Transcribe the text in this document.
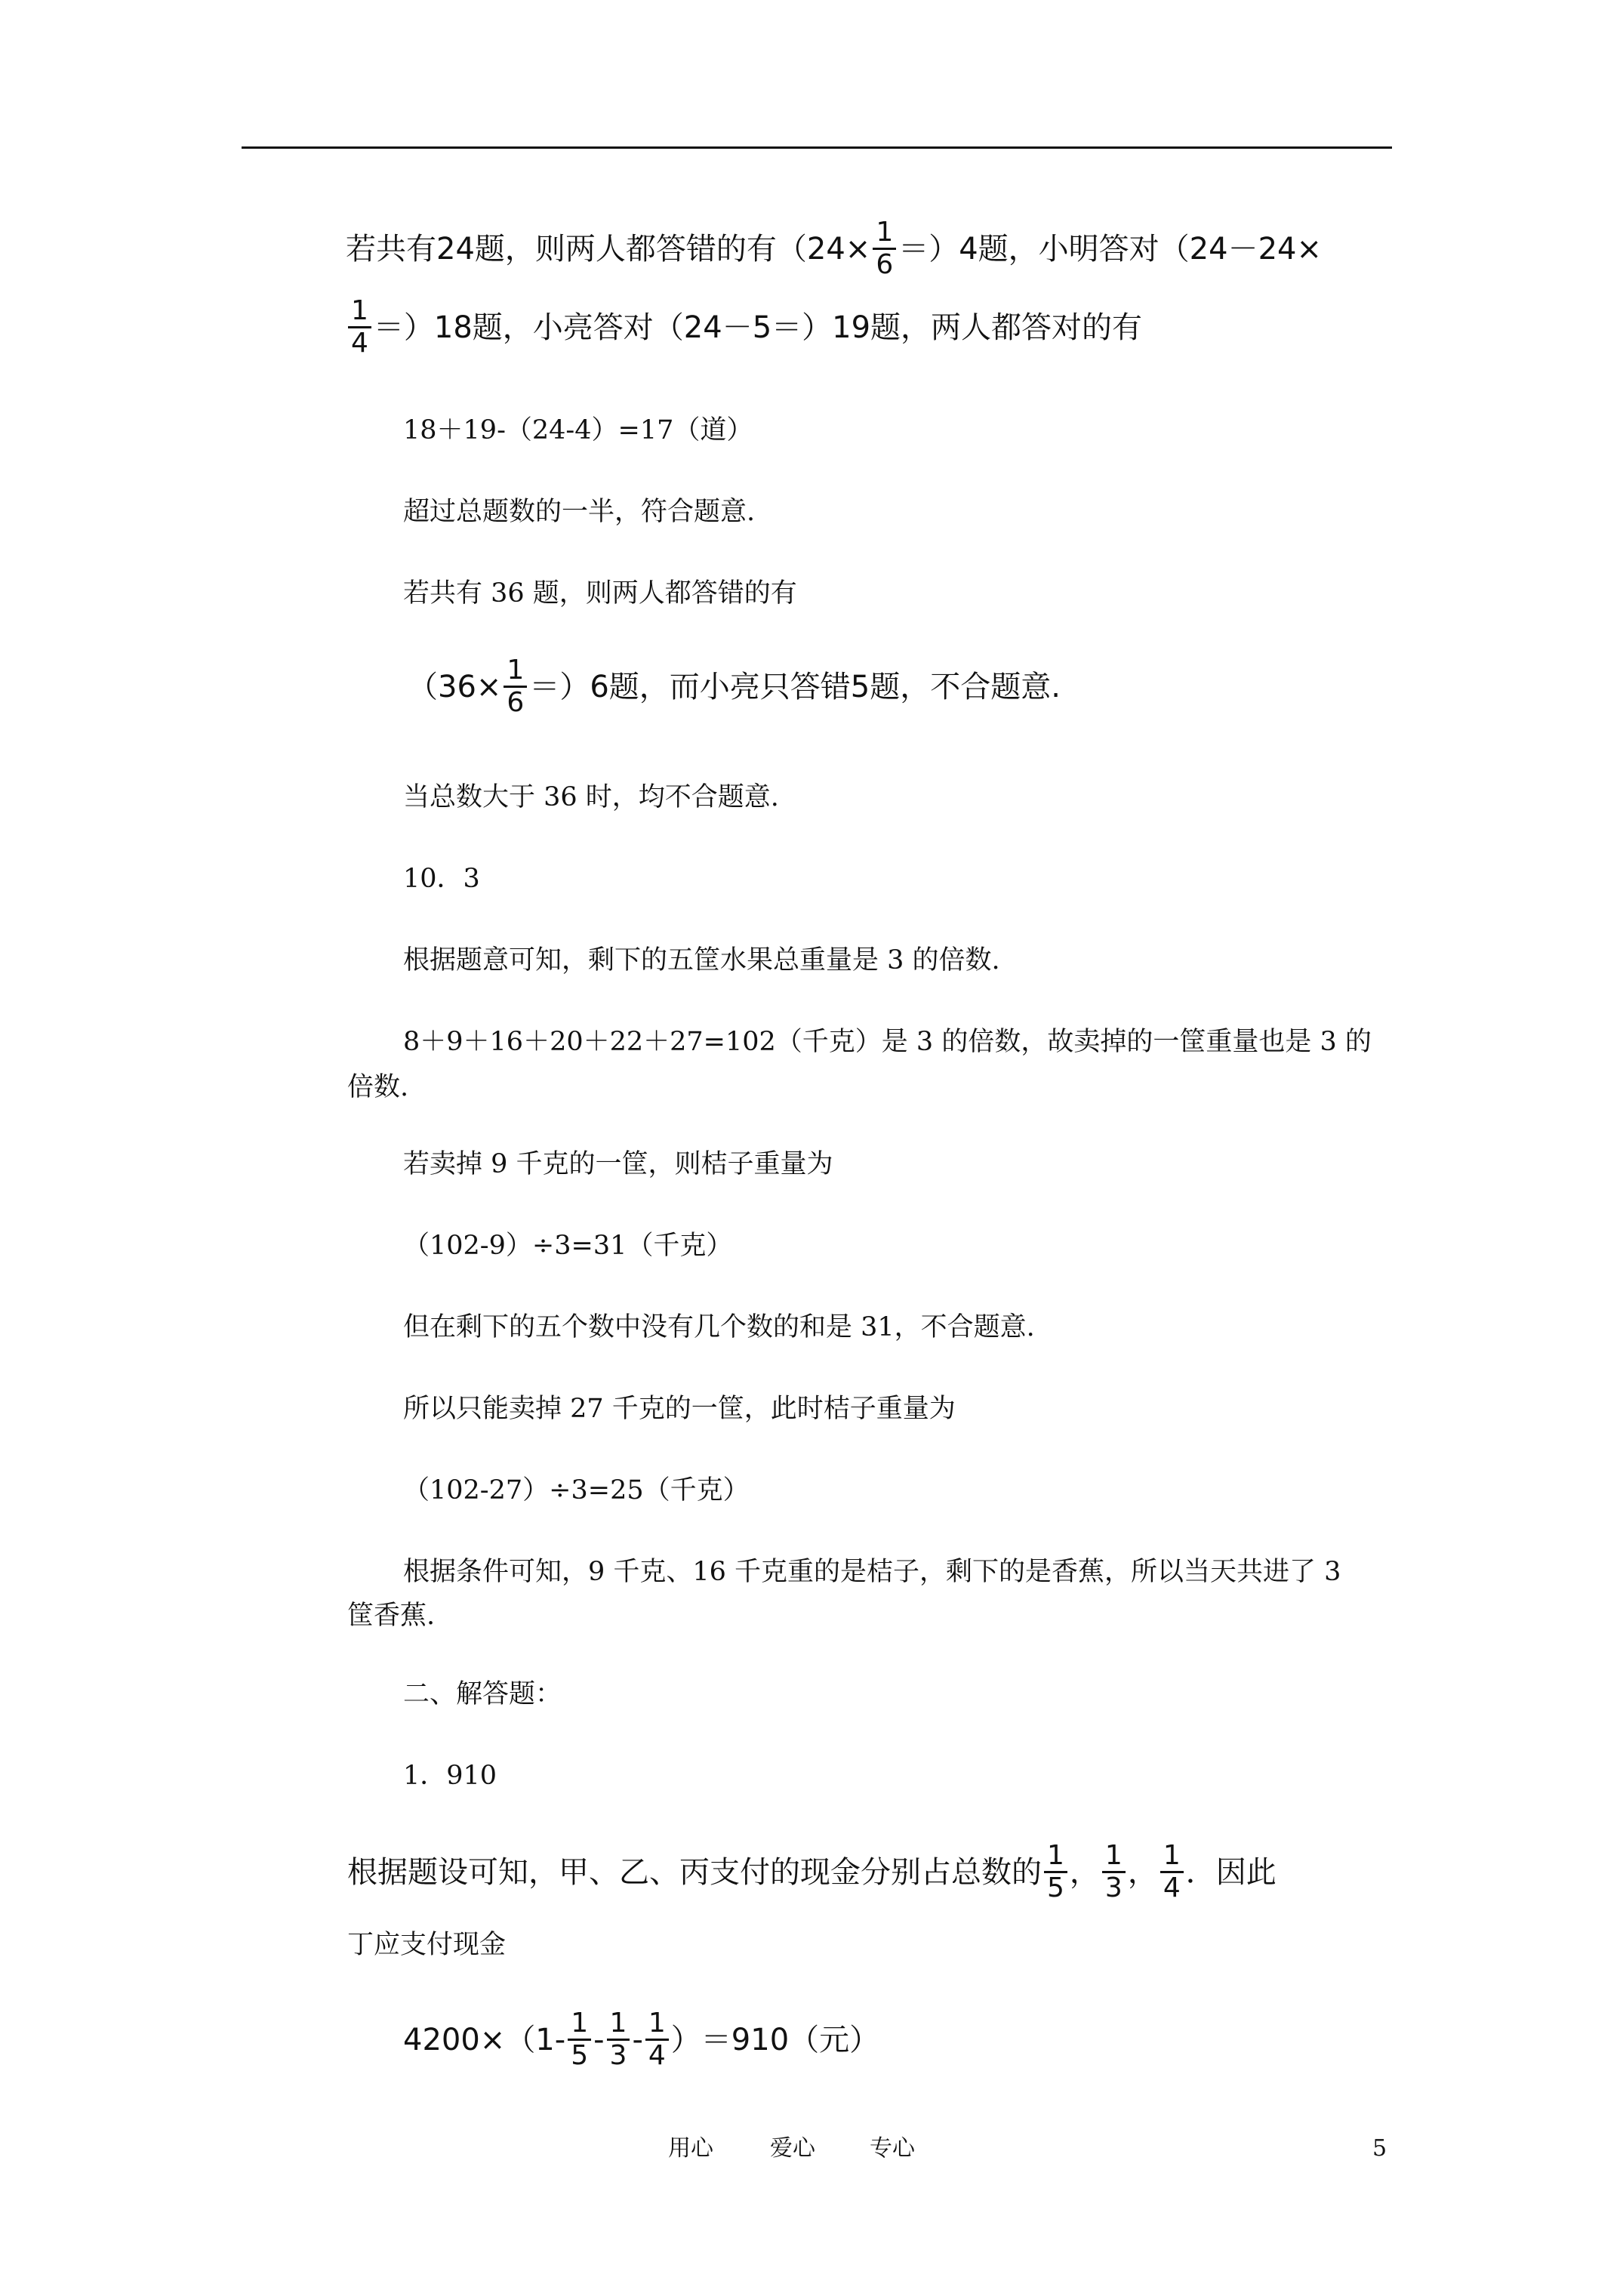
若共有24题，则两人都答错的有$(24\times \frac{1}{6} =)4$题，小明答对（24－24×
$\frac{1}{4} =)18$题，小亮答对（24－5＝）19题，两人都答对的有
18＋19-（24-4）=17（道）
超过总题数的一半，符合题意.
若共有 36 题，则两人都答错的有
$(36\times \frac{1}{6} =)6$题，而小亮只答错5题，不合题意.
当总数大于 36 时，均不合题意.
10．3
根据题意可知，剩下的五筐水果总重量是 3 的倍数.
8＋9＋16＋20＋22＋27=102（千克）是 3 的倍数，故卖掉的一筐重量也是 3 的
倍数.
若卖掉 9 千克的一筐，则桔子重量为
（102-9）÷3=31（千克）
但在剩下的五个数中没有几个数的和是 31，不合题意.
所以只能卖掉 27 千克的一筐，此时桔子重量为
（102-27）÷3=25（千克）
根据条件可知，9 千克、16 千克重的是桔子，剩下的是香蕉，所以当天共进了 3
筐香蕉.
二、解答题：
1．910
根据题设可知，甲、乙、丙支付的现金分别占总数的 $\frac{1}{5}$ ， $\frac{1}{3}$ ， $\frac{1}{4}$ ．因此
丁应支付现金
$4200\times(1- \frac{1}{5} - \frac{1}{3} - \frac{1}{4} )=910$（元）
用心	爱心 专心	5
